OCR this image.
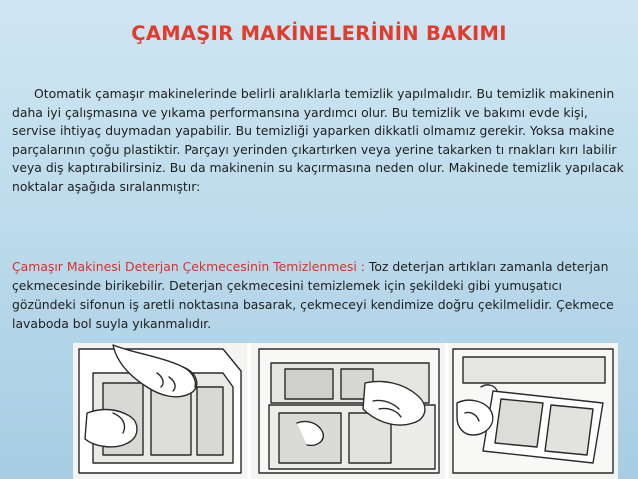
ÇAMAŞIR MAKİNELERİNİN BAKIMI

Otomatik çamaşır makinelerinde belirli aralıklarla temizlik yapılmalıdır. Bu temizlik makinenin daha iyi çalışmasına ve yıkama performansına yardımcı olur. Bu temizlik ve bakımı evde kişi, servise ihtiyaç duymadan yapabilir. Bu temizliği yaparken dikkatli olmamız gerekir. Yoksa makine parçalarının çoğu plastiktir. Parçayı yerinden çıkartırken veya yerine takarken tı rnakları kırı labilir veya diş kaptırabilirsiniz. Bu da makinenin su kaçırmasına neden olur. Makinede temizlik yapılacak noktalar aşağıda sıralanmıştır:

Çamaşır Makinesi Deterjan Çekmecesinin Temizlenmesi : Toz deterjan artıkları zamanla deterjan çekmecesinde birikebilir. Deterjan çekmecesini temizlemek için şekildeki gibi yumuşatıcı gözündeki sifonun iş aretli noktasına basarak, çekmeceyi kendimize doğru çekilmelidir. Çekmece lavaboda bol suyla yıkanmalıdır.
